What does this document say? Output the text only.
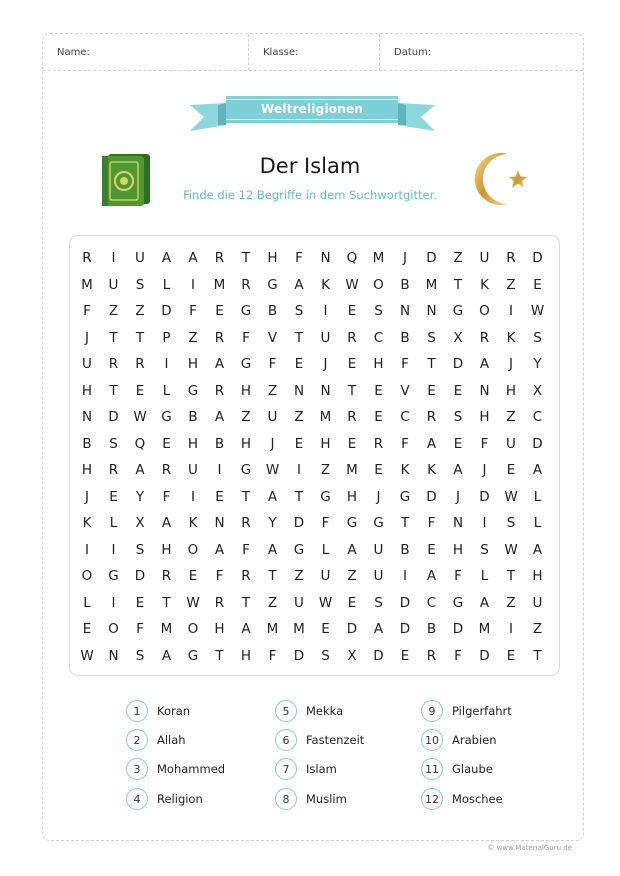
Name:	Klasse:	Datum:
Weltreligionen
Der Islam
Finde die 12 Begriffe in dem Suchwortgitter.
R	I	U	A	A	R	T	H	F	N	Q	M	J	D	Z	U	R	D
M	U	S	L	I	M	R	G	A	K	W	O	B	M	T	K	Z	E
F	Z	Z	D	F	E	G	B	S	I	E	S	N	N	G	O	I	W
J	T	T	P	Z	R	F	V	T	U	R	C	B	S	X	R	K	S
U	R	R	I	H	A	G	F	E	J	E	H	F	T	D	A	J	Y
H	T	E	L	G	R	H	Z	N	N	T	E	V	E	E	N	H	X
N	D	W	G	B	A	Z	U	Z	M	R	E	C	R	S	H	Z	C
B	S	Q	E	H	B	H	J	E	H	E	R	F	A	E	F	U	D
H	R	A	R	U	I	G	W	I	Z	M	E	K	K	A	J	E	A
J	E	Y	F	I	E	T	A	T	G	H	J	G	D	J	D	W	L
K	L	X	A	K	N	R	Y	D	F	G	G	T	F	N	I	S	L
I	I	S	H	O	A	F	A	G	L	A	U	B	E	H	S	W	A
O	G	D	R	E	F	R	T	Z	U	Z	U	I	A	F	L	T	H
L	I	E	T	W	R	T	Z	U	W	E	S	D	C	G	A	Z	U
E	O	F	M	O	H	A	M	M	E	D	A	D	B	D	M	I	Z
W	N	S	A	G	T	H	F	D	S	X	D	E	R	F	D	E	T
1	Koran
2	Allah
3	Mohammed
4	Religion
5	Mekka
6	Fastenzeit
7	Islam
8	Muslim
9	Pilgerfahrt
10	Arabien
11	Glaube
12	Moschee
© www.MaterialGuru.de
